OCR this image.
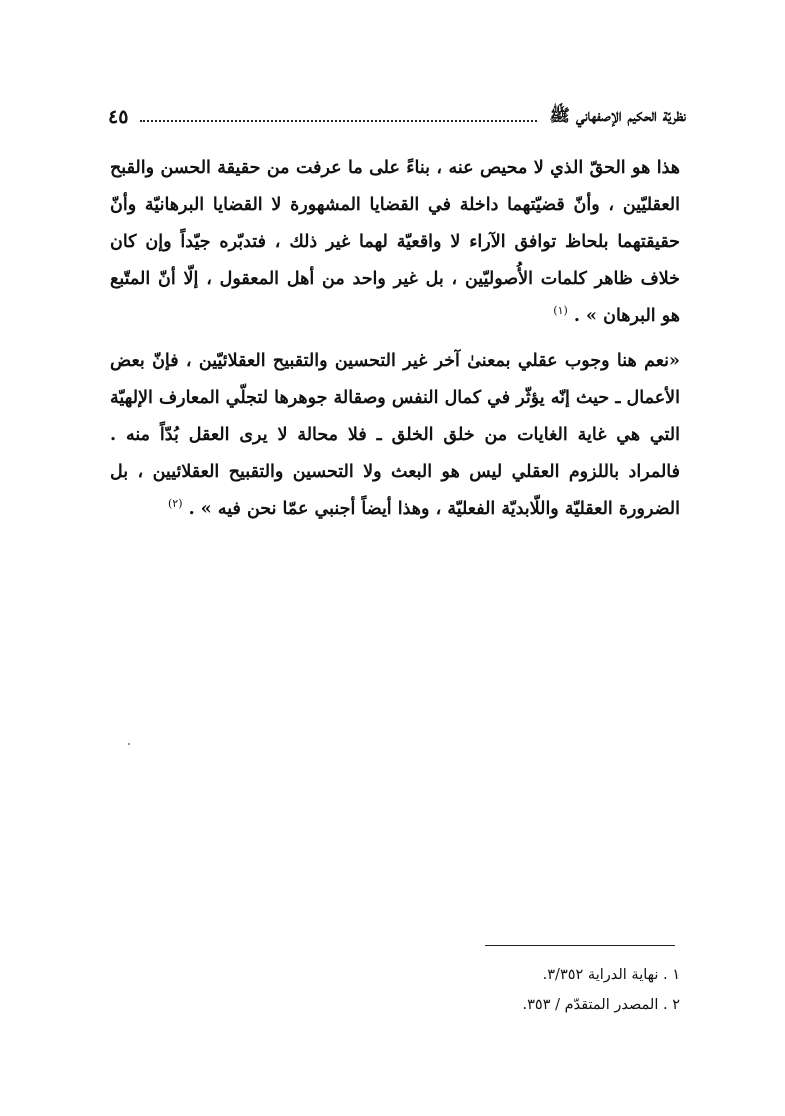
نظريّة الحكيم الإصفهاني ﷺ
٤٥

هذا هو الحقّ الذي لا محيص عنه ، بناءً على ما عرفت من حقيقة الحسن والقبح العقليّين ، وأنّ قضيّتهما داخلة في القضايا المشهورة لا القضايا البرهانيّة وأنّ حقيقتهما بلحاظ توافق الآراء لا واقعيّة لهما غير ذلك ، فتدبّره جيّداً وإن كان خلاف ظاهر كلمات الأُصوليّين ، بل غير واحد من أهل المعقول ، إلّا أنّ المتّبع هو البرهان » . $^{(١)}$

«نعم هنا وجوب عقلي بمعنىٰ آخر غير التحسين والتقبيح العقلائيّين ، فإنّ بعض الأعمال ـ حيث إنّه يؤثّر في كمال النفس وصقالة جوهرها لتجلّي المعارف الإلهيّة التي هي غاية الغايات من خلق الخلق ـ فلا محالة لا يرى العقل بُدّاً منه . فالمراد باللزوم العقلي ليس هو البعث ولا التحسين والتقبيح العقلائيين ، بل الضرورة العقليّة واللّابديّة الفعليّة ، وهذا أيضاً أجنبي عمّا نحن فيه » . $^{(٢)}$

١ . نهاية الدراية ٣/٣٥٢.
٢ . المصدر المتقدّم / ٣٥٣.
